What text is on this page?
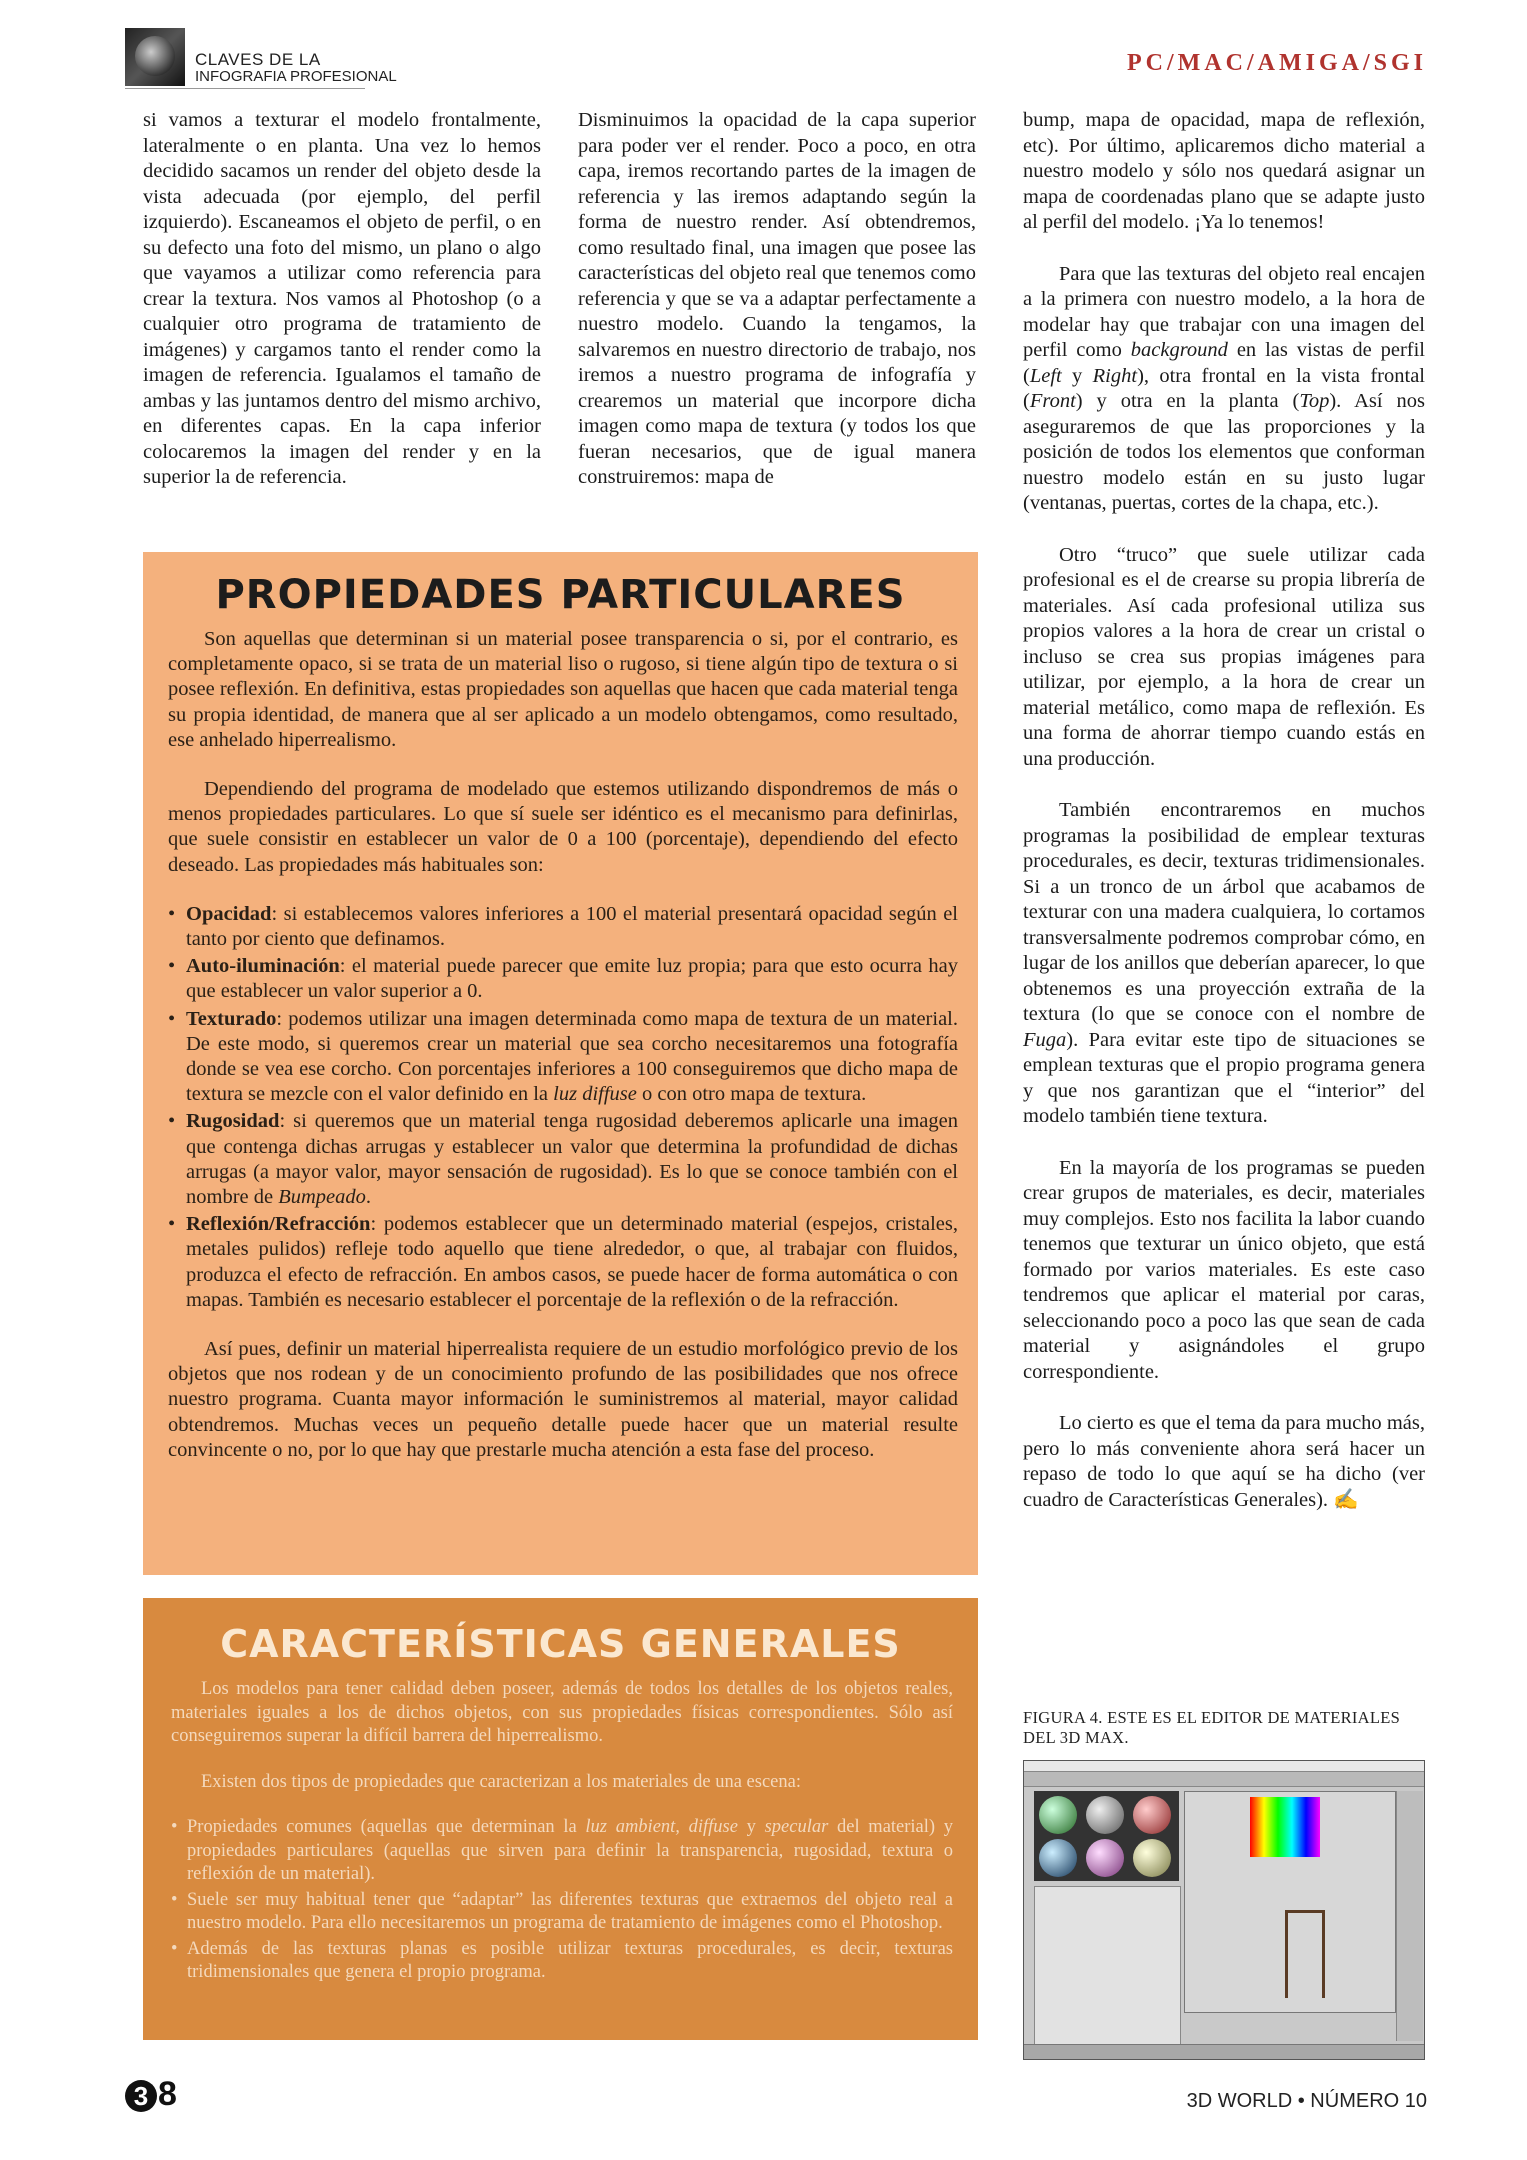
CLAVES DE LA
INFOGRAFIA PROFESIONAL
PC/MAC/AMIGA/SGI

si vamos a texturar el modelo frontalmente, lateralmente o en planta. Una vez lo hemos decidido sacamos un render del objeto desde la vista adecuada (por ejemplo, del perfil izquierdo). Escaneamos el objeto de perfil, o en su defecto una foto del mismo, un plano o algo que vayamos a utilizar como referencia para crear la textura. Nos vamos al Photoshop (o a cualquier otro programa de tratamiento de imágenes) y cargamos tanto el render como la imagen de referencia. Igualamos el tamaño de ambas y las juntamos dentro del mismo archivo, en diferentes capas. En la capa inferior colocaremos la imagen del render y en la superior la de referencia.

Disminuimos la opacidad de la capa superior para poder ver el render. Poco a poco, en otra capa, iremos recortando partes de la imagen de referencia y las iremos adaptando según la forma de nuestro render. Así obtendremos, como resultado final, una imagen que posee las características del objeto real que tenemos como referencia y que se va a adaptar perfectamente a nuestro modelo. Cuando la tengamos, la salvaremos en nuestro directorio de trabajo, nos iremos a nuestro programa de infografía y crearemos un material que incorpore dicha imagen como mapa de textura (y todos los que fueran necesarios, que de igual manera construiremos: mapa de

bump, mapa de opacidad, mapa de reflexión, etc). Por último, aplicaremos dicho material a nuestro modelo y sólo nos quedará asignar un mapa de coordenadas plano que se adapte justo al perfil del modelo. ¡Ya lo tenemos!

Para que las texturas del objeto real encajen a la primera con nuestro modelo, a la hora de modelar hay que trabajar con una imagen del perfil como background en las vistas de perfil (Left y Right), otra frontal en la vista frontal (Front) y otra en la planta (Top). Así nos aseguraremos de que las proporciones y la posición de todos los elementos que conforman nuestro modelo están en su justo lugar (ventanas, puertas, cortes de la chapa, etc.).

Otro “truco” que suele utilizar cada profesional es el de crearse su propia librería de materiales. Así cada profesional utiliza sus propios valores a la hora de crear un cristal o incluso se crea sus propias imágenes para utilizar, por ejemplo, a la hora de crear un material metálico, como mapa de reflexión. Es una forma de ahorrar tiempo cuando estás en una producción.

También encontraremos en muchos programas la posibilidad de emplear texturas procedurales, es decir, texturas tridimensionales. Si a un tronco de un árbol que acabamos de texturar con una madera cualquiera, lo cortamos transversalmente podremos comprobar cómo, en lugar de los anillos que deberían aparecer, lo que obtenemos es una proyección extraña de la textura (lo que se conoce con el nombre de Fuga). Para evitar este tipo de situaciones se emplean texturas que el propio programa genera y que nos garantizan que el “interior” del modelo también tiene textura.

En la mayoría de los programas se pueden crear grupos de materiales, es decir, materiales muy complejos. Esto nos facilita la labor cuando tenemos que texturar un único objeto, que está formado por varios materiales. Es este caso tendremos que aplicar el material por caras, seleccionando poco a poco las que sean de cada material y asignándoles el grupo correspondiente.

Lo cierto es que el tema da para mucho más, pero lo más conveniente ahora será hacer un repaso de todo lo que aquí se ha dicho (ver cuadro de Características Generales). ✍

PROPIEDADES PARTICULARES

Son aquellas que determinan si un material posee transparencia o si, por el contrario, es completamente opaco, si se trata de un material liso o rugoso, si tiene algún tipo de textura o si posee reflexión. En definitiva, estas propiedades son aquellas que hacen que cada material tenga su propia identidad, de manera que al ser aplicado a un modelo obtengamos, como resultado, ese anhelado hiperrealismo.

Dependiendo del programa de modelado que estemos utilizando dispondremos de más o menos propiedades particulares. Lo que sí suele ser idéntico es el mecanismo para definirlas, que suele consistir en establecer un valor de 0 a 100 (porcentaje), dependiendo del efecto deseado. Las propiedades más habituales son:

• Opacidad: si establecemos valores inferiores a 100 el material presentará opacidad según el tanto por ciento que definamos.
• Auto-iluminación: el material puede parecer que emite luz propia; para que esto ocurra hay que establecer un valor superior a 0.
• Texturado: podemos utilizar una imagen determinada como mapa de textura de un material. De este modo, si queremos crear un material que sea corcho necesitaremos una fotografía donde se vea ese corcho. Con porcentajes inferiores a 100 conseguiremos que dicho mapa de textura se mezcle con el valor definido en la luz diffuse o con otro mapa de textura.
• Rugosidad: si queremos que un material tenga rugosidad deberemos aplicarle una imagen que contenga dichas arrugas y establecer un valor que determina la profundidad de dichas arrugas (a mayor valor, mayor sensación de rugosidad). Es lo que se conoce también con el nombre de Bumpeado.
• Reflexión/Refracción: podemos establecer que un determinado material (espejos, cristales, metales pulidos) refleje todo aquello que tiene alrededor, o que, al trabajar con fluidos, produzca el efecto de refracción. En ambos casos, se puede hacer de forma automática o con mapas. También es necesario establecer el porcentaje de la reflexión o de la refracción.

Así pues, definir un material hiperrealista requiere de un estudio morfológico previo de los objetos que nos rodean y de un conocimiento profundo de las posibilidades que nos ofrece nuestro programa. Cuanta mayor información le suministremos al material, mayor calidad obtendremos. Muchas veces un pequeño detalle puede hacer que un material resulte convincente o no, por lo que hay que prestarle mucha atención a esta fase del proceso.

CARACTERÍSTICAS GENERALES

Los modelos para tener calidad deben poseer, además de todos los detalles de los objetos reales, materiales iguales a los de dichos objetos, con sus propiedades físicas correspondientes. Sólo así conseguiremos superar la difícil barrera del hiperrealismo.

Existen dos tipos de propiedades que caracterizan a los materiales de una escena:

• Propiedades comunes (aquellas que determinan la luz ambient, diffuse y specular del material) y propiedades particulares (aquellas que sirven para definir la transparencia, rugosidad, textura o reflexión de un material).
• Suele ser muy habitual tener que “adaptar” las diferentes texturas que extraemos del objeto real a nuestro modelo. Para ello necesitaremos un programa de tratamiento de imágenes como el Photoshop.
• Además de las texturas planas es posible utilizar texturas procedurales, es decir, texturas tridimensionales que genera el propio programa.
FIGURA 4. ESTE ES EL EDITOR DE MATERIALES DEL 3D MAX.
3 8	3D WORLD • NÚMERO 10
